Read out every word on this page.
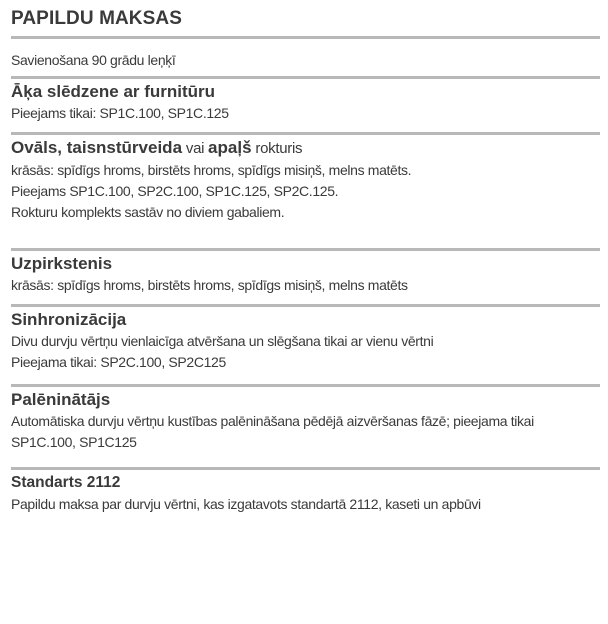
PAPILDU MAKSAS
Savienošana 90 grādu leņķī
Āķa slēdzene ar furnitūru
Pieejams tikai: SP1C.100, SP1C.125
Ovāls, taisnstūrveida vai apaļš rokturis
krāsās: spīdīgs hroms, birstēts hroms, spīdīgs misiņš, melns matēts.
Pieejams SP1C.100, SP2C.100, SP1C.125, SP2C.125.
Rokturu komplekts sastāv no diviem gabaliem.
Uzpirkstenis
krāsās: spīdīgs hroms, birstēts hroms, spīdīgs misiņš, melns matēts
Sinhronizācija
Divu durvju vērtņu vienlaicīga atvēršana un slēgšana tikai ar vienu vērtni
Pieejama tikai: SP2C.100, SP2C125
Palēninātājs
Automātiska durvju vērtņu kustības palēnināšana pēdējā aizvēršanas fāzē; pieejama tikai
SP1C.100, SP1C125
Standarts 2112
Papildu maksa par durvju vērtni, kas izgatavots standartā 2112, kaseti un apbūvi
